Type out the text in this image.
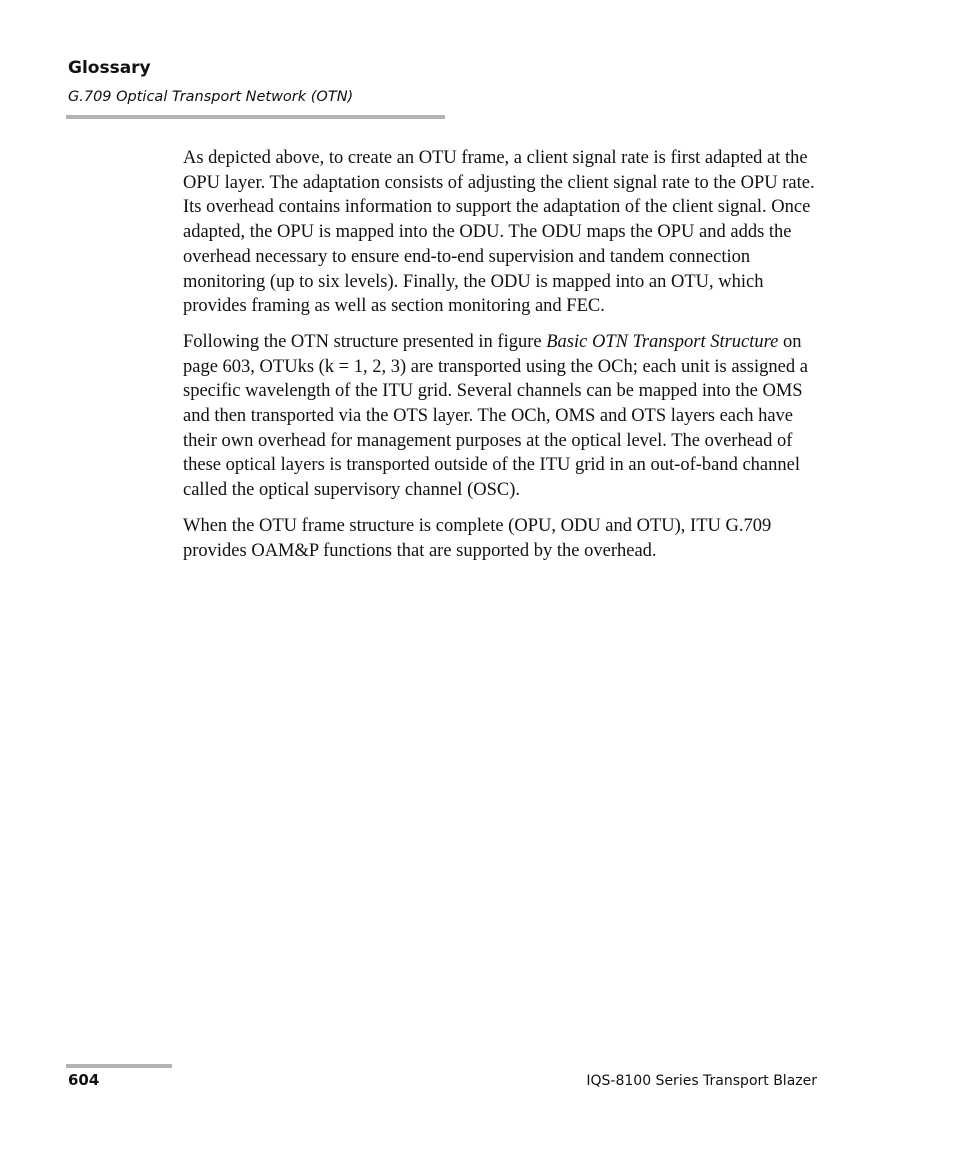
Glossary
G.709 Optical Transport Network (OTN)

As depicted above, to create an OTU frame, a client signal rate is first adapted at the OPU layer. The adaptation consists of adjusting the client signal rate to the OPU rate. Its overhead contains information to support the adaptation of the client signal. Once adapted, the OPU is mapped into the ODU. The ODU maps the OPU and adds the overhead necessary to ensure end-to-end supervision and tandem connection monitoring (up to six levels). Finally, the ODU is mapped into an OTU, which provides framing as well as section monitoring and FEC.

Following the OTN structure presented in figure Basic OTN Transport Structure on page 603, OTUks (k = 1, 2, 3) are transported using the OCh; each unit is assigned a specific wavelength of the ITU grid. Several channels can be mapped into the OMS and then transported via the OTS layer. The OCh, OMS and OTS layers each have their own overhead for management purposes at the optical level. The overhead of these optical layers is transported outside of the ITU grid in an out-of-band channel called the optical supervisory channel (OSC).

When the OTU frame structure is complete (OPU, ODU and OTU), ITU G.709 provides OAM&P functions that are supported by the overhead.

604	IQS-8100 Series Transport Blazer
